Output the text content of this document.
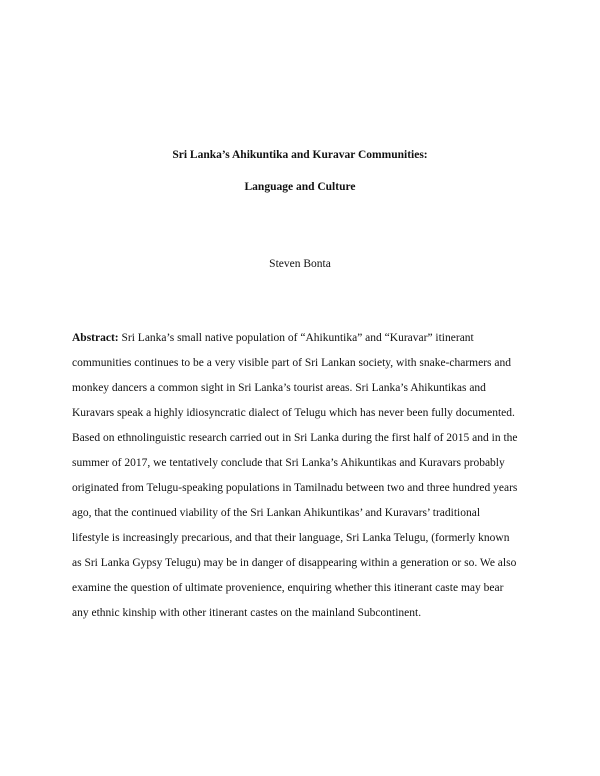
Sri Lanka’s Ahikuntika and Kuravar Communities:

Language and Culture

Steven Bonta

Abstract: Sri Lanka’s small native population of “Ahikuntika” and “Kuravar” itinerant
communities continues to be a very visible part of Sri Lankan society, with snake-charmers and
monkey dancers a common sight in Sri Lanka’s tourist areas. Sri Lanka’s Ahikuntikas and
Kuravars speak a highly idiosyncratic dialect of Telugu which has never been fully documented.
Based on ethnolinguistic research carried out in Sri Lanka during the first half of 2015 and in the
summer of 2017, we tentatively conclude that Sri Lanka’s Ahikuntikas and Kuravars probably
originated from Telugu-speaking populations in Tamilnadu between two and three hundred years
ago, that the continued viability of the Sri Lankan Ahikuntikas’ and Kuravars’ traditional
lifestyle is increasingly precarious, and that their language, Sri Lanka Telugu, (formerly known
as Sri Lanka Gypsy Telugu) may be in danger of disappearing within a generation or so. We also
examine the question of ultimate provenience, enquiring whether this itinerant caste may bear
any ethnic kinship with other itinerant castes on the mainland Subcontinent.
